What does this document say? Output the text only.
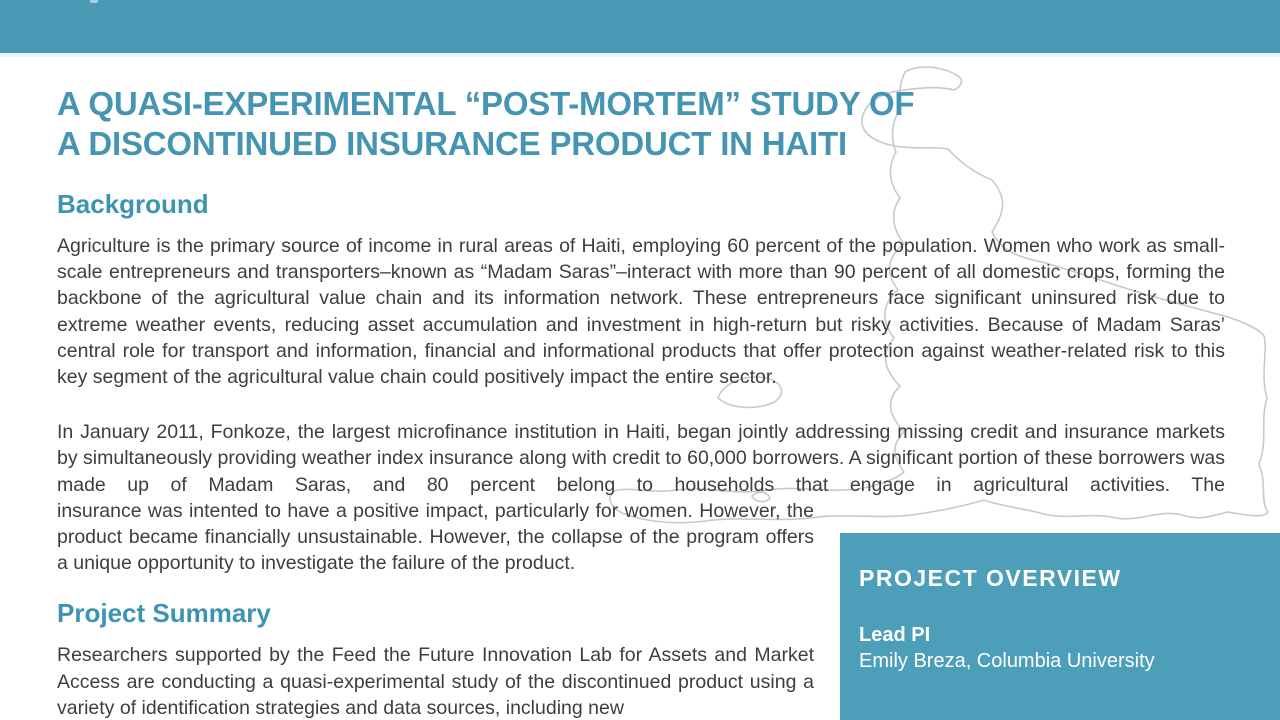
A QUASI-EXPERIMENTAL “POST-MORTEM” STUDY OF
A DISCONTINUED INSURANCE PRODUCT IN HAITI
Background

Agriculture is the primary source of income in rural areas of Haiti, employing 60 percent of the population. Women who work as small-scale entrepreneurs and transporters–known as “Madam Saras”–interact with more than 90 percent of all domestic crops, forming the backbone of the agricultural value chain and its information network. These entrepreneurs face significant uninsured risk due to extreme weather events, reducing asset accumulation and investment in high-return but risky activities. Because of Madam Saras’ central role for transport and information, financial and informational products that offer protection against weather-related risk to this key segment of the agricultural value chain could positively impact the entire sector.

In January 2011, Fonkoze, the largest microfinance institution in Haiti, began jointly addressing missing credit and insurance markets by simultaneously providing weather index insurance along with credit to 60,000 borrowers. A significant portion of these borrowers was made up of Madam Saras, and 80 percent belong to households that engage in agricultural activities. The

insurance was intented to have a positive impact, particularly for women. However, the product became financially unsustainable. However, the collapse of the program offers a unique opportunity to investigate the failure of the product.

Project Summary

Researchers supported by the Feed the Future Innovation Lab for Assets and Market Access are conducting a quasi-experimental study of the discontinued product using a variety of identification strategies and data sources, including new

PROJECT OVERVIEW
Lead PI
Emily Breza, Columbia University
